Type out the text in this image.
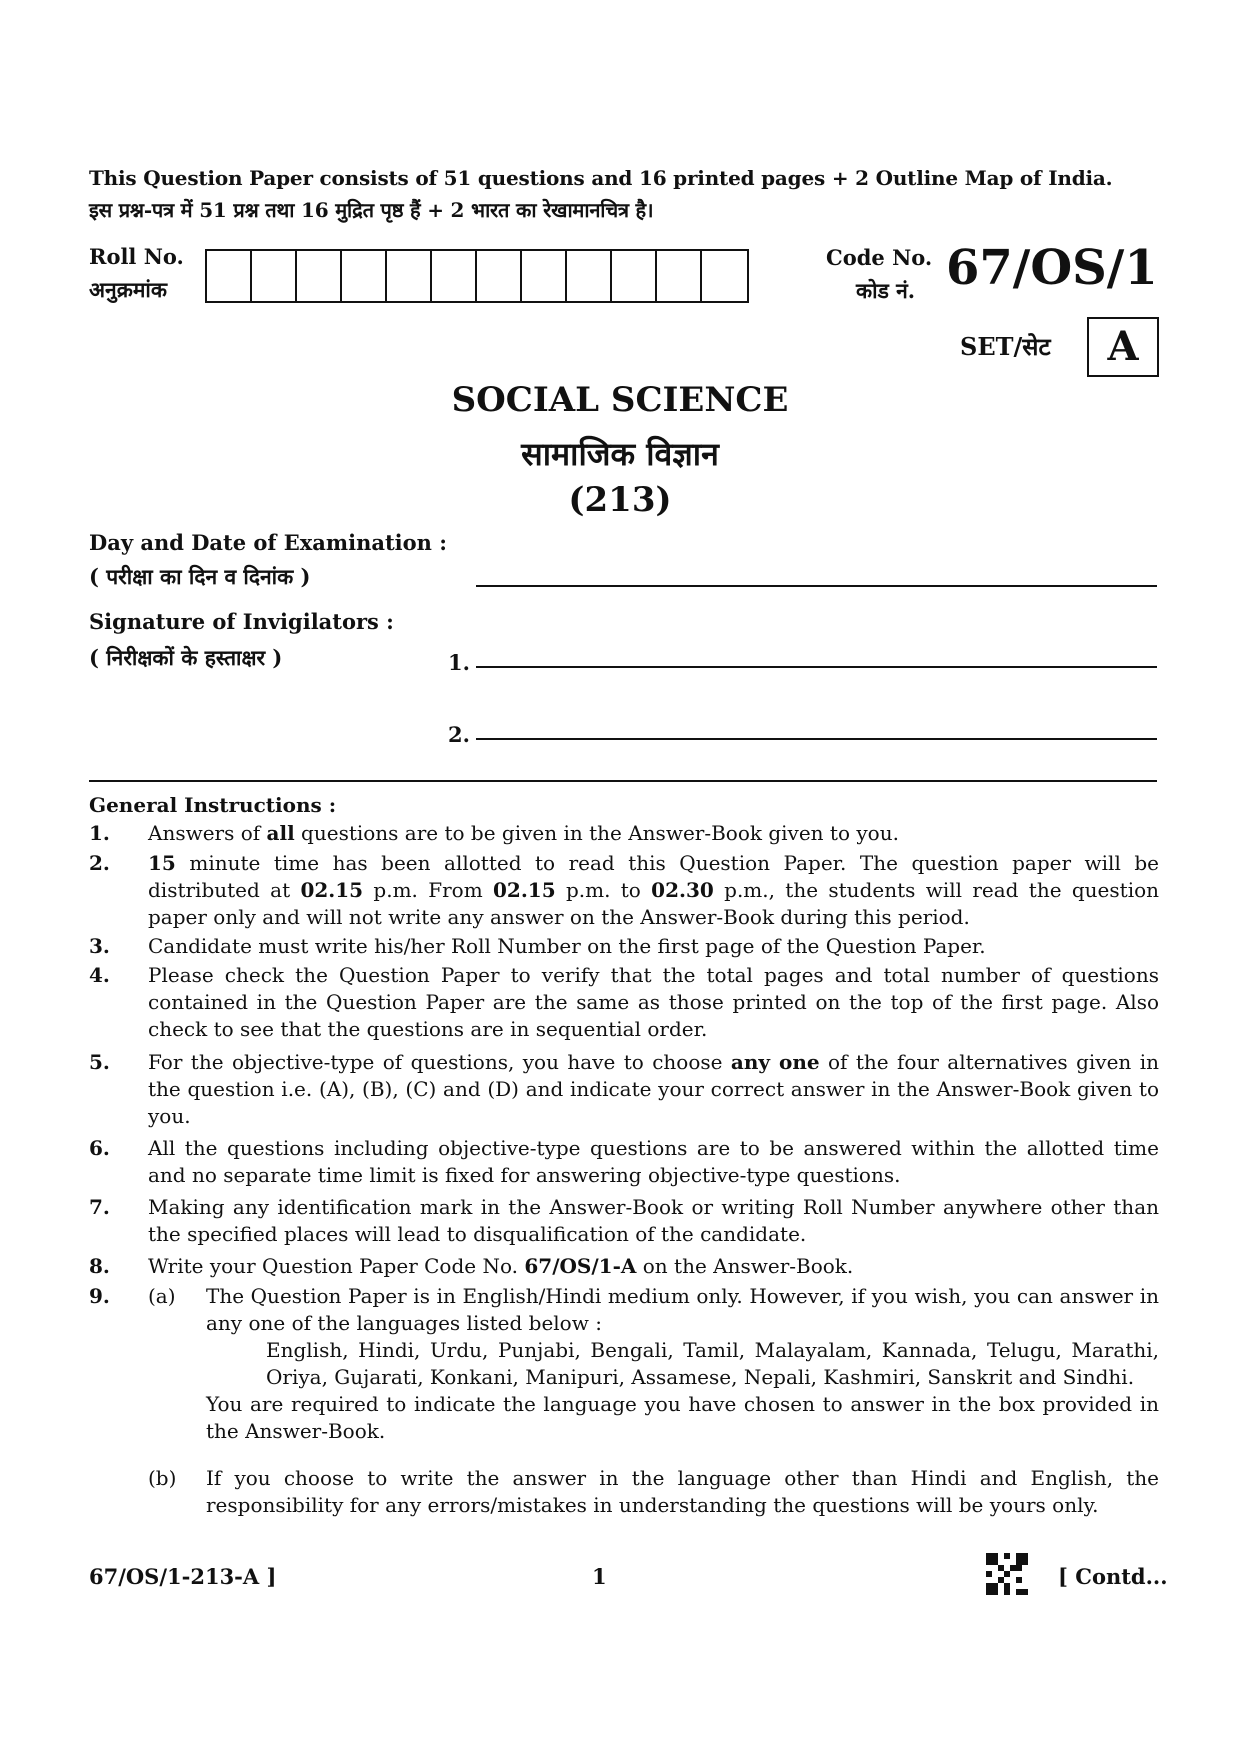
This Question Paper consists of 51 questions and 16 printed pages + 2 Outline Map of India.
इस प्रश्न-पत्र में 51 प्रश्न तथा 16 मुद्रित पृष्ठ हैं + 2 भारत का रेखामानचित्र है।
Roll No.
अनुक्रमांक
Code No.
कोड नं. 67/OS/1
SET/सेट	A
SOCIAL SCIENCE
सामाजिक विज्ञान
(213)
Day and Date of Examination :
( परीक्षा का दिन व दिनांक )
Signature of Invigilators :
( निरीक्षकों के हस्ताक्षर )	1.
2.
General Instructions :
1. Answers of all questions are to be given in the Answer-Book given to you.
2. 15 minute time has been allotted to read this Question Paper. The question paper will be distributed at 02.15 p.m. From 02.15 p.m. to 02.30 p.m., the students will read the question paper only and will not write any answer on the Answer-Book during this period.
3. Candidate must write his/her Roll Number on the first page of the Question Paper.
4. Please check the Question Paper to verify that the total pages and total number of questions contained in the Question Paper are the same as those printed on the top of the first page. Also check to see that the questions are in sequential order.
5. For the objective-type of questions, you have to choose any one of the four alternatives given in the question i.e. (A), (B), (C) and (D) and indicate your correct answer in the Answer-Book given to you.
6. All the questions including objective-type questions are to be answered within the allotted time and no separate time limit is fixed for answering objective-type questions.
7. Making any identification mark in the Answer-Book or writing Roll Number anywhere other than the specified places will lead to disqualification of the candidate.
8. Write your Question Paper Code No. 67/OS/1-A on the Answer-Book.
9. (a) The Question Paper is in English/Hindi medium only. However, if you wish, you can answer in any one of the languages listed below :
English, Hindi, Urdu, Punjabi, Bengali, Tamil, Malayalam, Kannada, Telugu, Marathi, Oriya, Gujarati, Konkani, Manipuri, Assamese, Nepali, Kashmiri, Sanskrit and Sindhi.
You are required to indicate the language you have chosen to answer in the box provided in the Answer-Book.
(b) If you choose to write the answer in the language other than Hindi and English, the responsibility for any errors/mistakes in understanding the questions will be yours only.
67/OS/1-213-A ]	1	[ Contd...
